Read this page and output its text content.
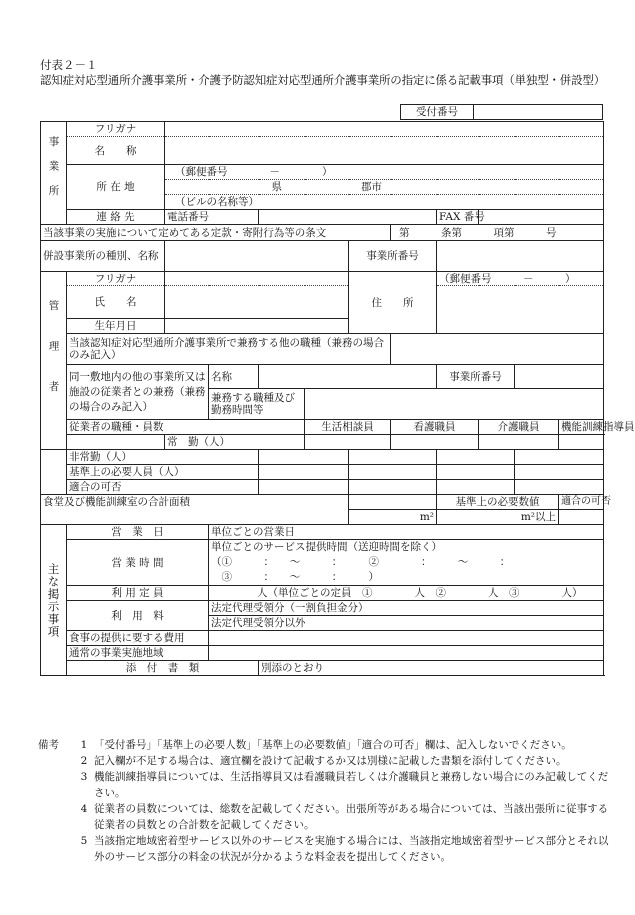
付表２－１
認知症対応型通所介護事業所・介護予防認知症対応型通所介護事業所の指定に係る記載事項（単独型・併設型）
受付番号	
事業所	フリガナ										
	名　　称										
	所 在 地	（郵便番号　　　　－　　　　）									
		県 郡市									
		（ビルの名称等）									
	連 絡 先	電話番号						FAX 番号			
当該事業の実施について定めてある定款・寄附行為等の条文							第　　　条第　　　項第　　　号				
併設事業所の種別、名称						事業所番号					
管理者	フリガナ					住　　所		（郵便番号　　　－　　　）			
	氏　　名										
	生年月日										
	当該認知症対応型通所介護事業所で兼務する他の職種（兼務の場合のみ記入）										
	同一敷地内の他の事業所又は施設の従業者との兼務（兼務の場合のみ記入）		名称					事業所番号			
			兼務する職種及び勤務時間等								
	従業者の職種・員数				生活相談員		看護職員		介護職員		機能訓練指導員
		常　勤（人）									
	非常勤（人）										
	基準上の必要人員（人）										
	適合の可否										
食堂及び機能訓練室の合計面積								基準上の必要数値			適合の可否
						m²		m²以上			
主な掲示事項	営　業　日		単位ごとの営業日								
	営 業 時 間		単位ごとのサービス提供時間（送迎時間を除く）
（①　　　：　　〜　　　：　　　②　　　　：　　　〜　　　：
　③　　　：　　〜　　　：　　　）								

	利 用 定 員		人（単位ごとの定員　①　　　　人　②　　　　人　③　　　　人）								
	利　用　料		法定代理受領分（一割負担金分）								
			法定代理受領分以外								
	食事の提供に要する費用										
	通常の事業実施地域										
	添　付　書　類			別添のとおり							
備考	1 「受付番号」「基準上の必要人数」「基準上の必要数値」「適合の可否」欄は、記入しないでください。
2 記入欄が不足する場合は、適宜欄を設けて記載するか又は別様に記載した書類を添付してください。
3 機能訓練指導員については、生活指導員又は看護職員若しくは介護職員と兼務しない場合にのみ記載してください。
4 従業者の員数については、総数を記載してください。出張所等がある場合については、当該出張所に従事する従業者の員数との合計数を記載してください。
5 当該指定地域密着型サービス以外のサービスを実施する場合には、当該指定地域密着型サービス部分とそれ以外のサービス部分の料金の状況が分かるような料金表を提出してください。
